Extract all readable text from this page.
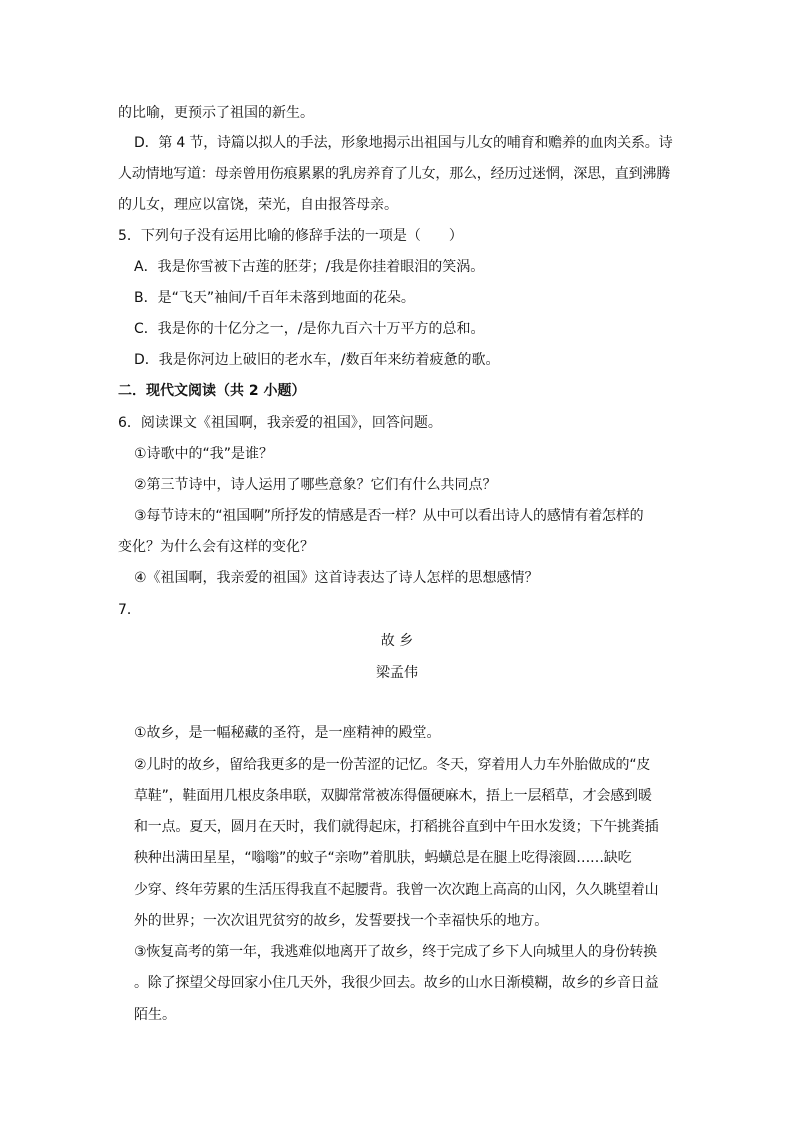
的比喻，更预示了祖国的新生。
D．第 4 节，诗篇以拟人的手法，形象地揭示出祖国与儿女的哺育和赡养的血肉关系。诗
人动情地写道：母亲曾用伤痕累累的乳房养育了儿女，那么，经历过迷惘，深思，直到沸腾
的儿女，理应以富饶，荣光，自由报答母亲。
5．下列句子没有运用比喻的修辞手法的一项是（　　）
A．我是你雪被下古莲的胚芽；/我是你挂着眼泪的笑涡。
B．是“飞天”袖间/千百年未落到地面的花朵。
C．我是你的十亿分之一，/是你九百六十万平方的总和。
D．我是你河边上破旧的老水车，/数百年来纺着疲惫的歌。
二．现代文阅读（共 2 小题）
6．阅读课文《祖国啊，我亲爱的祖国》，回答问题。
①诗歌中的“我”是谁？
②第三节诗中，诗人运用了哪些意象？它们有什么共同点？
③每节诗末的“祖国啊”所抒发的情感是否一样？从中可以看出诗人的感情有着怎样的
变化？为什么会有这样的变化？
④《祖国啊，我亲爱的祖国》这首诗表达了诗人怎样的思想感情？
7．
故 乡
梁孟伟
①故乡，是一幅秘藏的圣符，是一座精神的殿堂。
②儿时的故乡，留给我更多的是一份苦涩的记忆。冬天，穿着用人力车外胎做成的“皮
草鞋”，鞋面用几根皮条串联，双脚常常被冻得僵硬麻木，捂上一层稻草，才会感到暖
和一点。夏天，圆月在天时，我们就得起床，打稻挑谷直到中午田水发烫；下午挑粪插
秧种出满田星星，“嗡嗡”的蚊子“亲吻”着肌肤，蚂蟥总是在腿上吃得滚圆……缺吃
少穿、终年劳累的生活压得我直不起腰背。我曾一次次跑上高高的山冈，久久眺望着山
外的世界；一次次诅咒贫穷的故乡，发誓要找一个幸福快乐的地方。
③恢复高考的第一年，我逃难似地离开了故乡，终于完成了乡下人向城里人的身份转换
。除了探望父母回家小住几天外，我很少回去。故乡的山水日渐模糊，故乡的乡音日益
陌生。
